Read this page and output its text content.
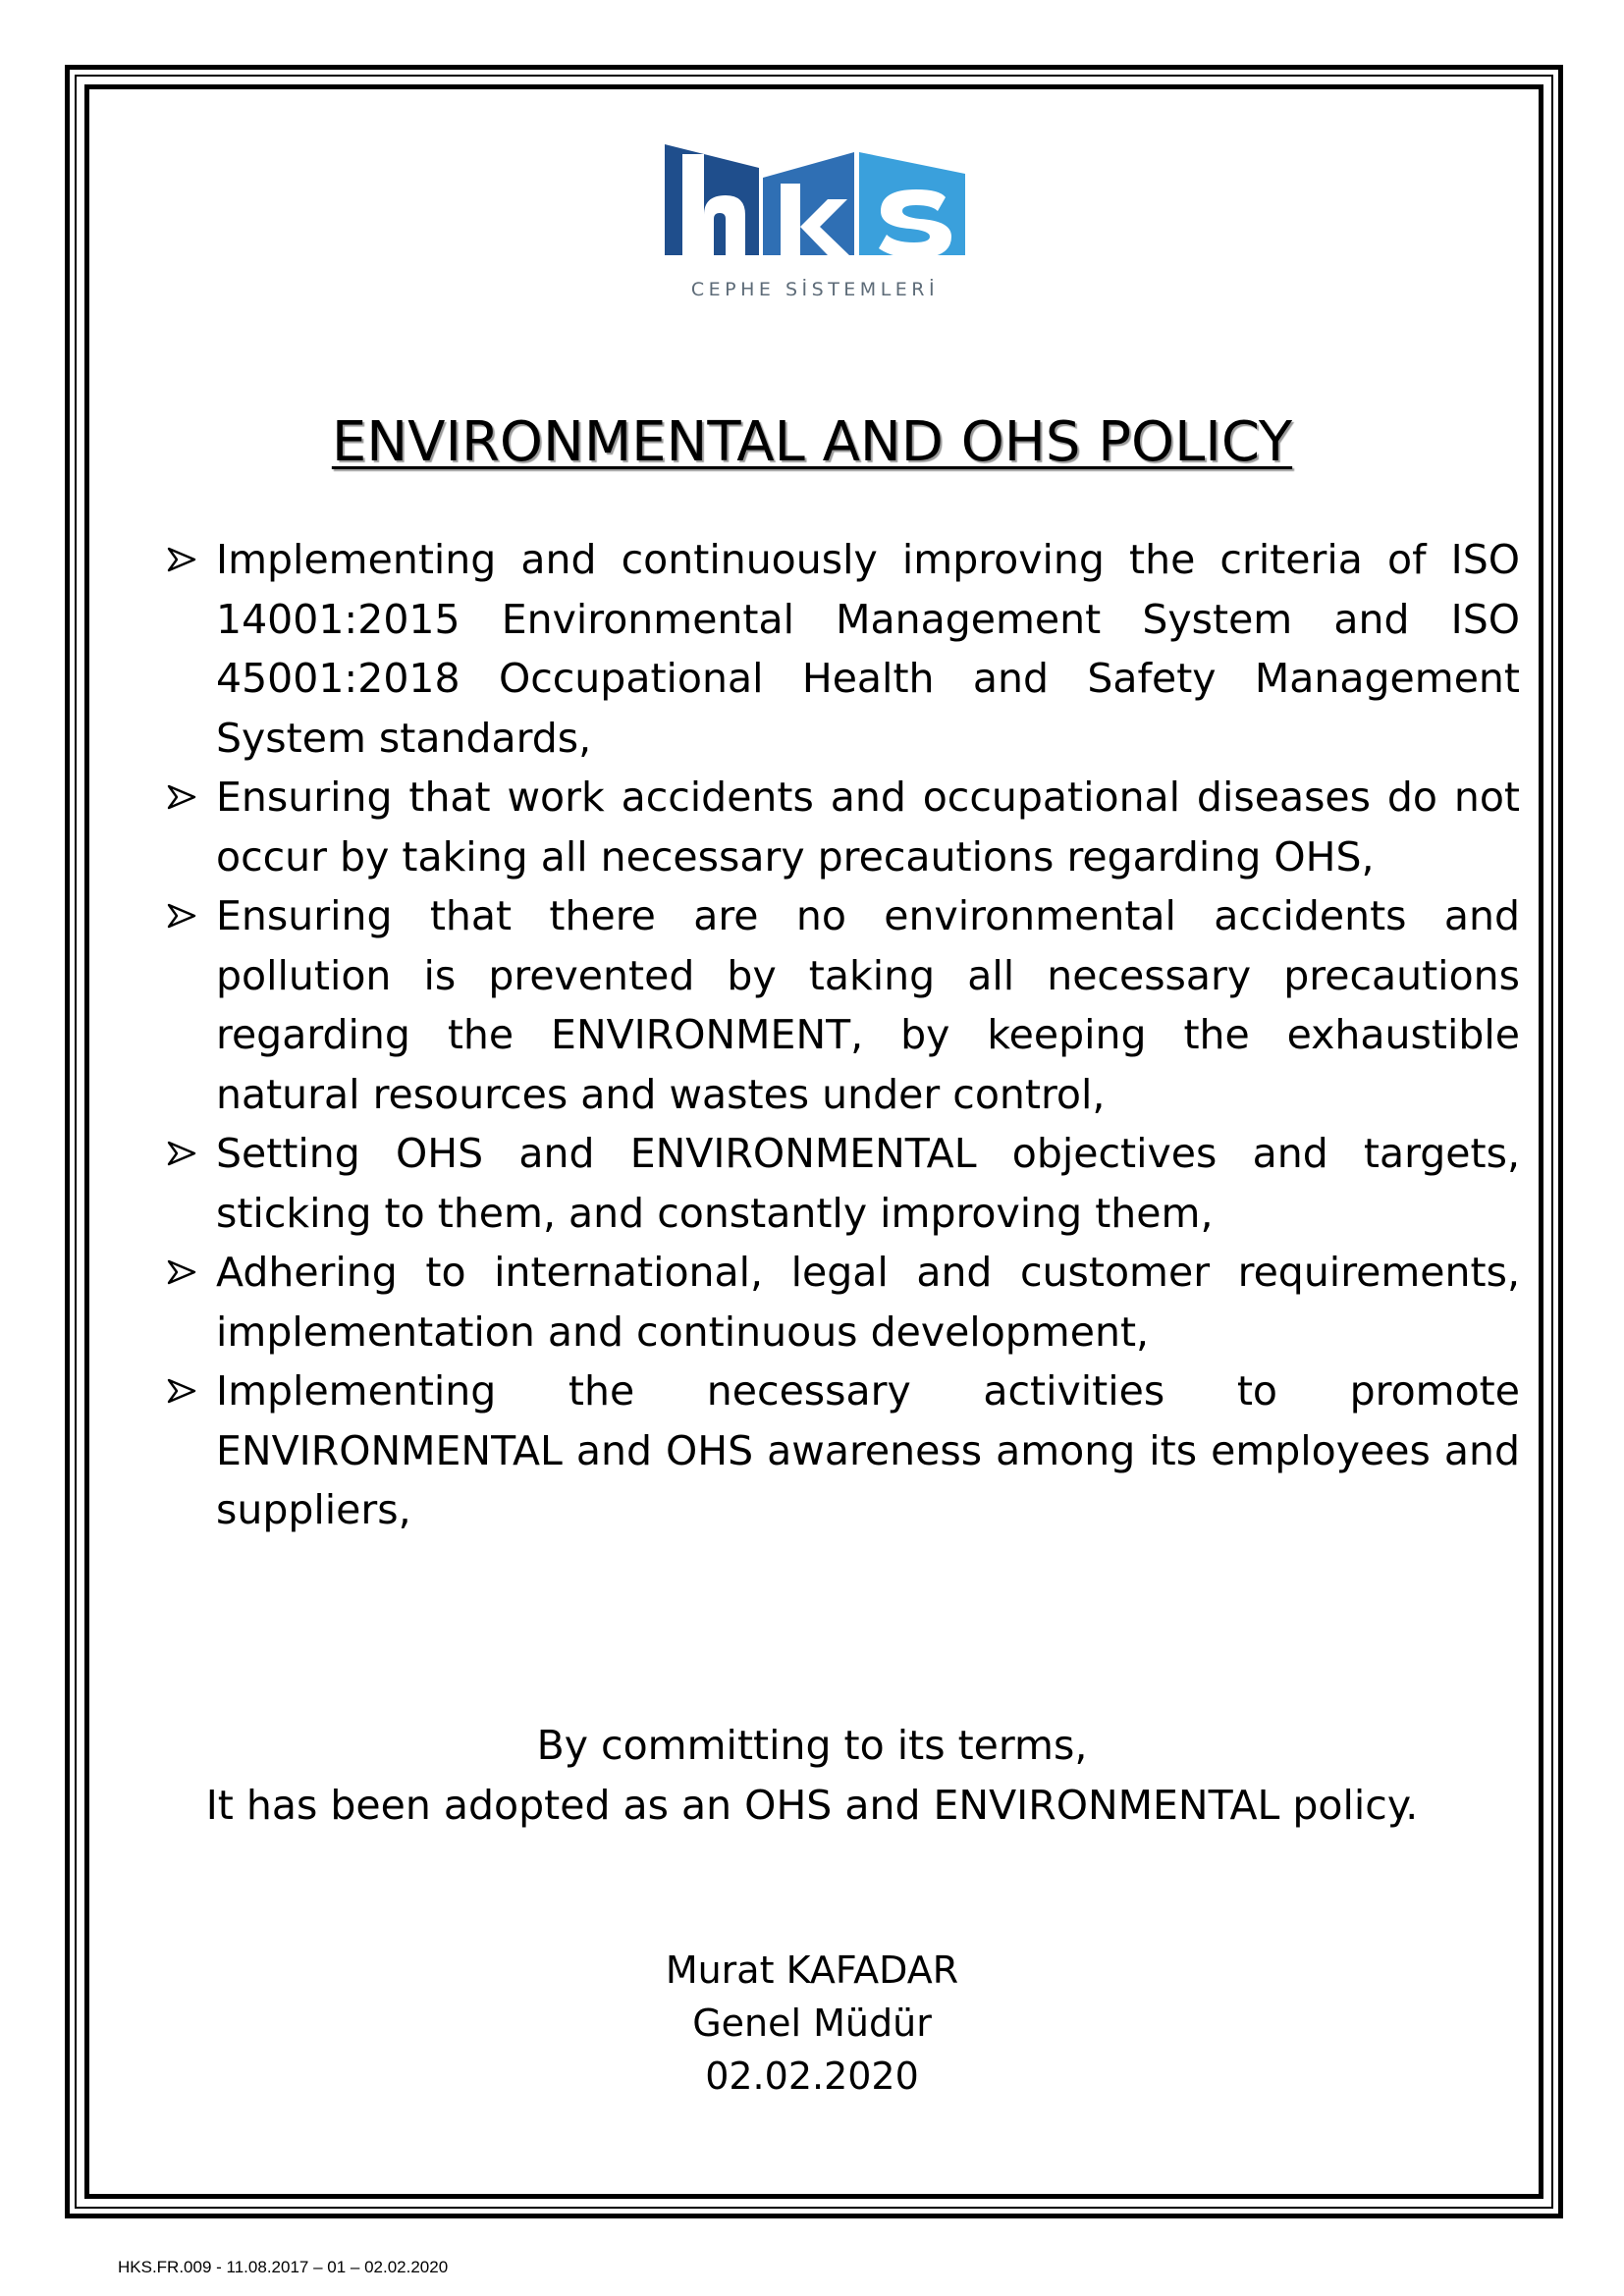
CEPHE SİSTEMLERİ
ENVIRONMENTAL AND OHS POLICY
Implementing and continuously improving the criteria of ISO 14001:2015 Environmental Management System and ISO 45001:2018 Occupational Health and Safety Management System standards,
Ensuring that work accidents and occupational diseases do not occur by taking all necessary precautions regarding OHS,
Ensuring that there are no environmental accidents and pollution is prevented by taking all necessary precautions regarding the ENVIRONMENT, by keeping the exhaustible natural resources and wastes under control,
Setting OHS and ENVIRONMENTAL objectives and targets, sticking to them, and constantly improving them,
Adhering to international, legal and customer requirements, implementation and continuous development,
Implementing the necessary activities to promote ENVIRONMENTAL and OHS awareness among its employees and suppliers,
By committing to its terms,
It has been adopted as an OHS and ENVIRONMENTAL policy.
Murat KAFADAR
Genel Müdür
02.02.2020
HKS.FR.009 - 11.08.2017 – 01 – 02.02.2020
